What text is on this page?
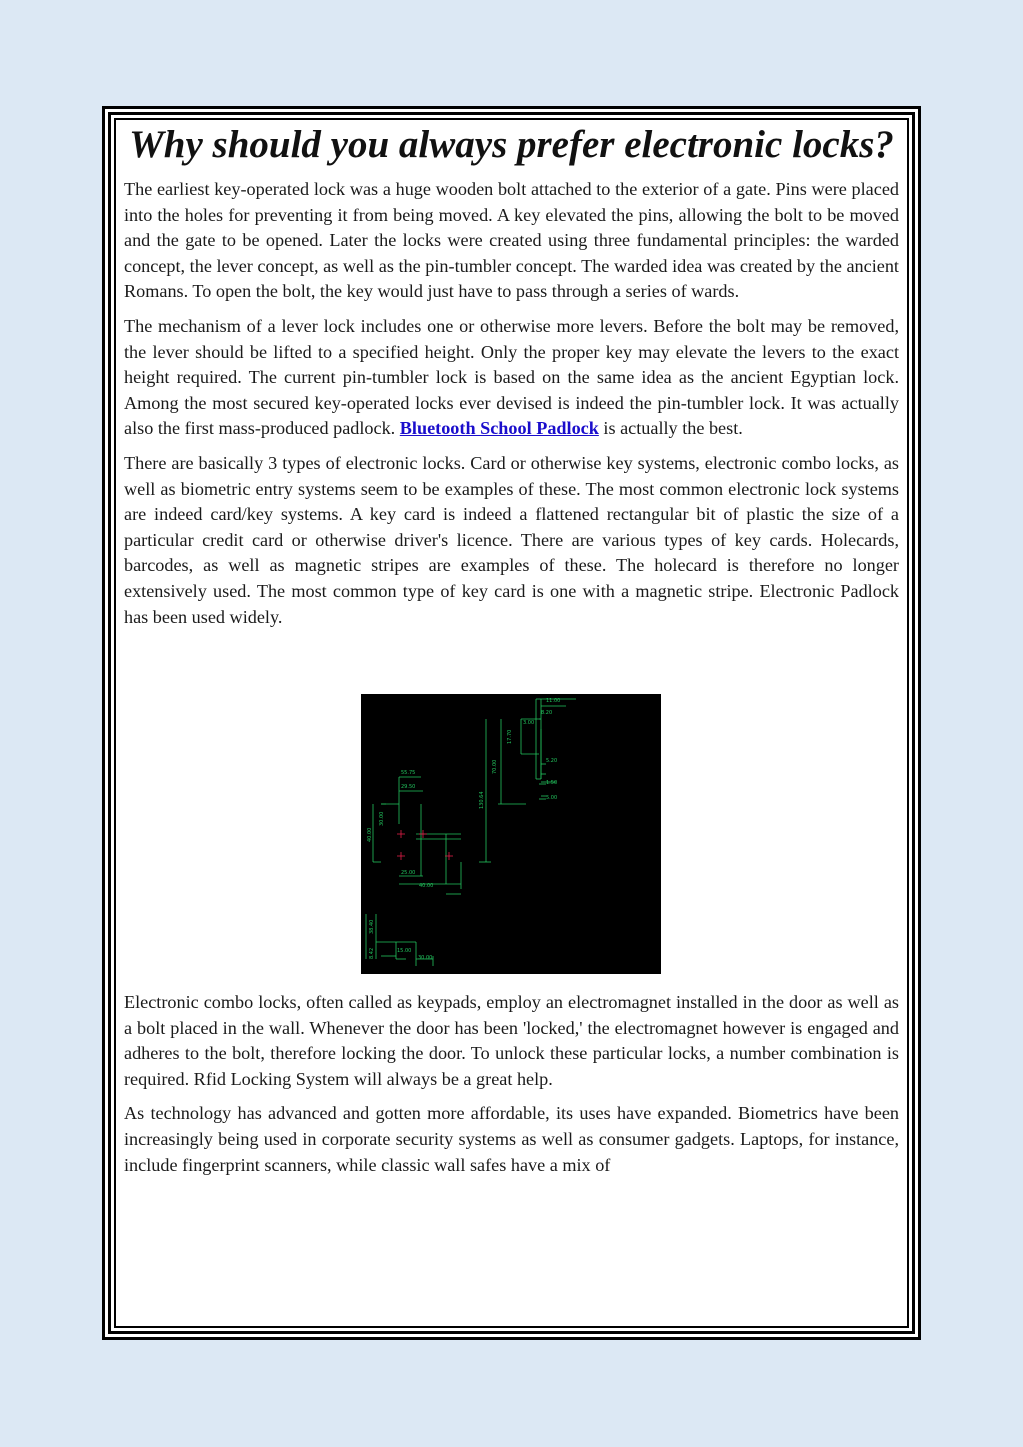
Why should you always prefer electronic locks?

The earliest key-operated lock was a huge wooden bolt attached to the exterior of a gate. Pins were placed into the holes for preventing it from being moved. A key elevated the pins, allowing the bolt to be moved and the gate to be opened. Later the locks were created using three fundamental principles: the warded concept, the lever concept, as well as the pin-tumbler concept. The warded idea was created by the ancient Romans. To open the bolt, the key would just have to pass through a series of wards.

The mechanism of a lever lock includes one or otherwise more levers. Before the bolt may be removed, the lever should be lifted to a specified height. Only the proper key may elevate the levers to the exact height required. The current pin-tumbler lock is based on the same idea as the ancient Egyptian lock. Among the most secured key-operated locks ever devised is indeed the pin-tumbler lock. It was actually also the first mass-produced padlock. Bluetooth School Padlock is actually the best.

There are basically 3 types of electronic locks. Card or otherwise key systems, electronic combo locks, as well as biometric entry systems seem to be examples of these. The most common electronic lock systems are indeed card/key systems. A key card is indeed a flattened rectangular bit of plastic the size of a particular credit card or otherwise driver's licence. There are various types of key cards. Holecards, barcodes, as well as magnetic stripes are examples of these. The holecard is therefore no longer extensively used. The most common type of key card is one with a magnetic stripe. Electronic Padlock has been used widely.

11.00
8.20
3.00
17.70
5.20
1.50
5.00
70.00
130.64
55.75
29.50
30.00
40.00
25.00
40.00
38.40
8.42	15.00
30.00

Electronic combo locks, often called as keypads, employ an electromagnet installed in the door as well as a bolt placed in the wall. Whenever the door has been 'locked,' the electromagnet however is engaged and adheres to the bolt, therefore locking the door. To unlock these particular locks, a number combination is required. Rfid Locking System will always be a great help.

As technology has advanced and gotten more affordable, its uses have expanded. Biometrics have been increasingly being used in corporate security systems as well as consumer gadgets. Laptops, for instance, include fingerprint scanners, while classic wall safes have a mix of
